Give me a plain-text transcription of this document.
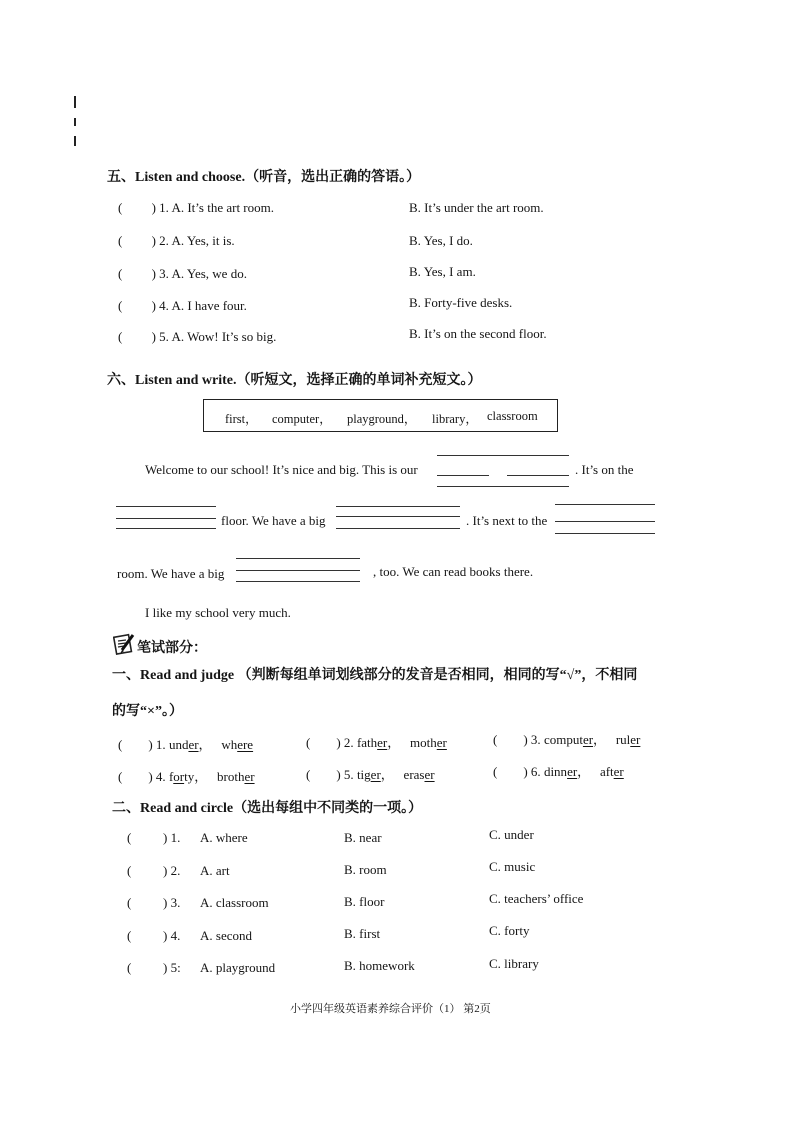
五、Listen and choose.（听音，选出正确的答语。）
(         ) 1. A. It’s the art room.	B. It’s under the art room.
(         ) 2. A. Yes, it is.	B. Yes, I do.
(         ) 3. A. Yes, we do.	B. Yes, I am.
(         ) 4. A. I have four.	B. Forty-five desks.
(         ) 5. A. Wow! It’s so big.	B. It’s on the second floor.
六、Listen and write.（听短文，选择正确的单词补充短文。）
first， computer， playground， library， classroom
Welcome to our school! It’s nice and big. This is our	. It’s on the
floor. We have a big	. It’s next to the
room. We have a big	, too. We can read books there.
I like my school very much.
笔试部分：
一、Read and judge （判断每组单词划线部分的发音是否相同，相同的写“√”，不相同
的写“×”。）
(        ) 1. under， where	(        ) 2. father， mother	(        ) 3. computer， ruler
(        ) 4. forty， brother	(        ) 5. tiger， eraser	(        ) 6. dinner， after
二、Read and circle（选出每组中不同类的一项。）
( ) 1. A. where	B. near	C. under
( ) 2. A. art	B. room	C. music
( ) 3. A. classroom	B. floor	C. teachers’ office
( ) 4. A. second	B. first	C. forty
( ) 5: A. playground	B. homework	C. library
小学四年级英语素养综合评价（1） 第2页
